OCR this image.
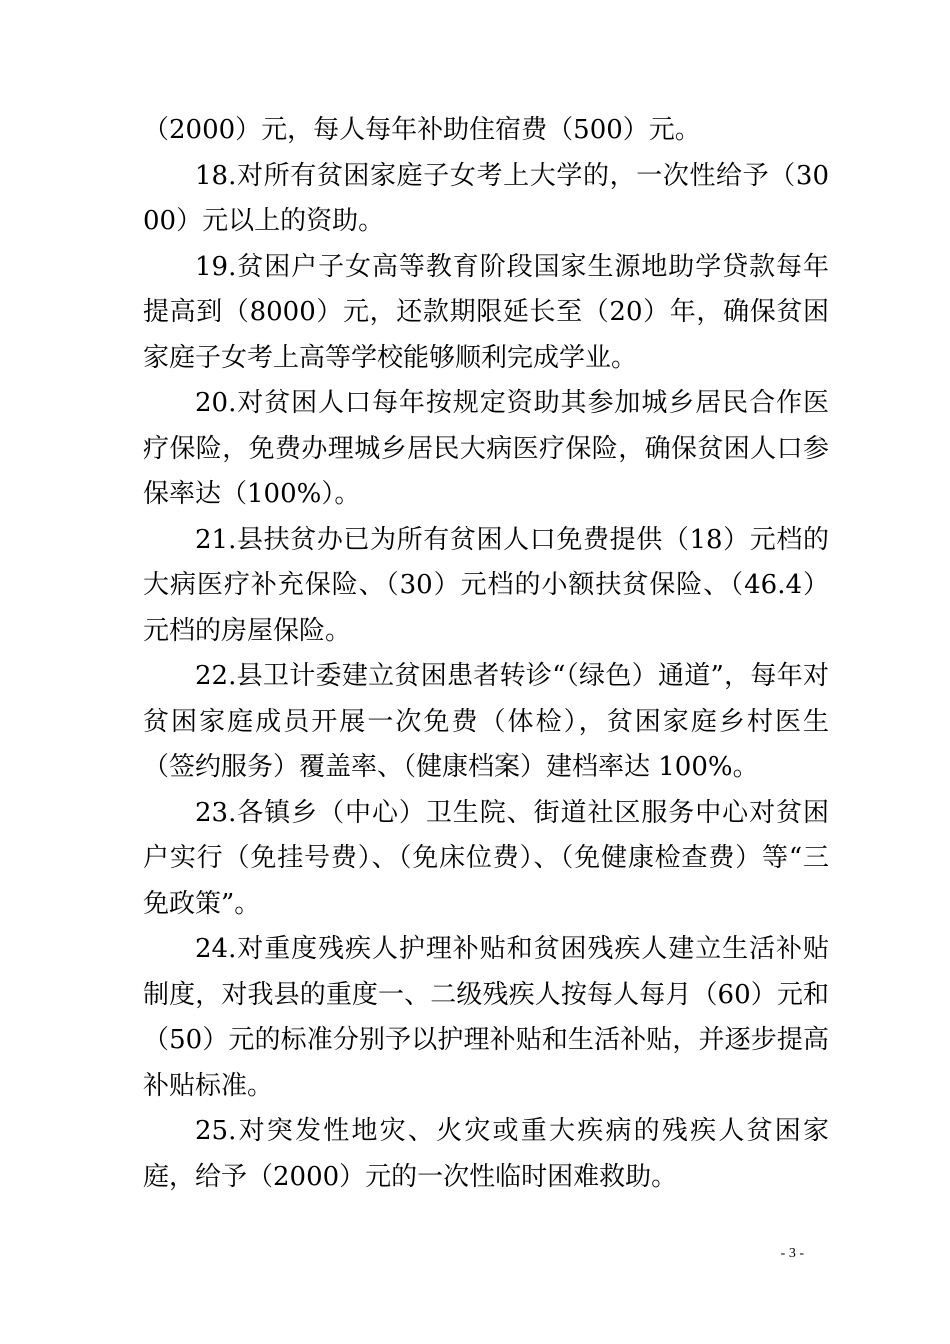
（2000）元，每人每年补助住宿费（500）元。

18.对所有贫困家庭子女考上大学的，一次性给予（3000）元以上的资助。

19.贫困户子女高等教育阶段国家生源地助学贷款每年提高到（8000）元，还款期限延长至（20）年，确保贫困家庭子女考上高等学校能够顺利完成学业。

20.对贫困人口每年按规定资助其参加城乡居民合作医疗保险，免费办理城乡居民大病医疗保险，确保贫困人口参保率达（100%）。

21.县扶贫办已为所有贫困人口免费提供（18）元档的大病医疗补充保险、（30）元档的小额扶贫保险、（46.4）元档的房屋保险。

22.县卫计委建立贫困患者转诊“（绿色）通道”，每年对贫困家庭成员开展一次免费（体检），贫困家庭乡村医生（签约服务）覆盖率、（健康档案）建档率达 100%。

23.各镇乡（中心）卫生院、街道社区服务中心对贫困户实行（免挂号费）、（免床位费）、（免健康检查费）等“三免政策”。

24.对重度残疾人护理补贴和贫困残疾人建立生活补贴制度，对我县的重度一、二级残疾人按每人每月（60）元和（50）元的标准分别予以护理补贴和生活补贴，并逐步提高补贴标准。

25.对突发性地灾、火灾或重大疾病的残疾人贫困家庭，给予（2000）元的一次性临时困难救助。

- 3 -
